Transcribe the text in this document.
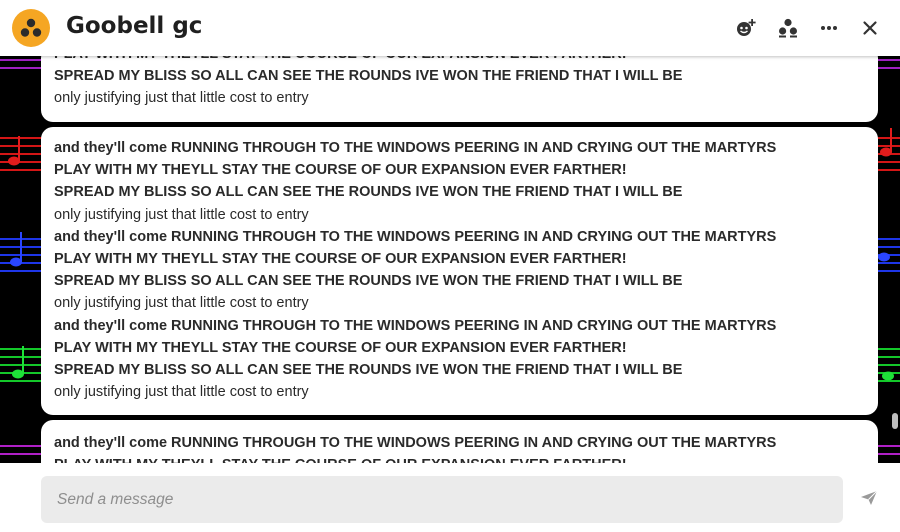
Goobell gc
SPREAD MY BLISS SO ALL CAN SEE THE ROUNDS IVE WON THE FRIEND THAT I WILL BE
only justifying just that little cost to entry
and they'll come RUNNING THROUGH TO THE WINDOWS PEERING IN AND CRYING OUT THE MARTYRS
PLAY WITH MY THEYLL STAY THE COURSE OF OUR EXPANSION EVER FARTHER!
SPREAD MY BLISS SO ALL CAN SEE THE ROUNDS IVE WON THE FRIEND THAT I WILL BE
only justifying just that little cost to entry
and they'll come RUNNING THROUGH TO THE WINDOWS PEERING IN AND CRYING OUT THE MARTYRS
PLAY WITH MY THEYLL STAY THE COURSE OF OUR EXPANSION EVER FARTHER!
SPREAD MY BLISS SO ALL CAN SEE THE ROUNDS IVE WON THE FRIEND THAT I WILL BE
only justifying just that little cost to entry
and they'll come RUNNING THROUGH TO THE WINDOWS PEERING IN AND CRYING OUT THE MARTYRS
PLAY WITH MY THEYLL STAY THE COURSE OF OUR EXPANSION EVER FARTHER!
SPREAD MY BLISS SO ALL CAN SEE THE ROUNDS IVE WON THE FRIEND THAT I WILL BE
only justifying just that little cost to entry
and they'll come RUNNING THROUGH TO THE WINDOWS PEERING IN AND CRYING OUT THE MARTYRS
Send a message
